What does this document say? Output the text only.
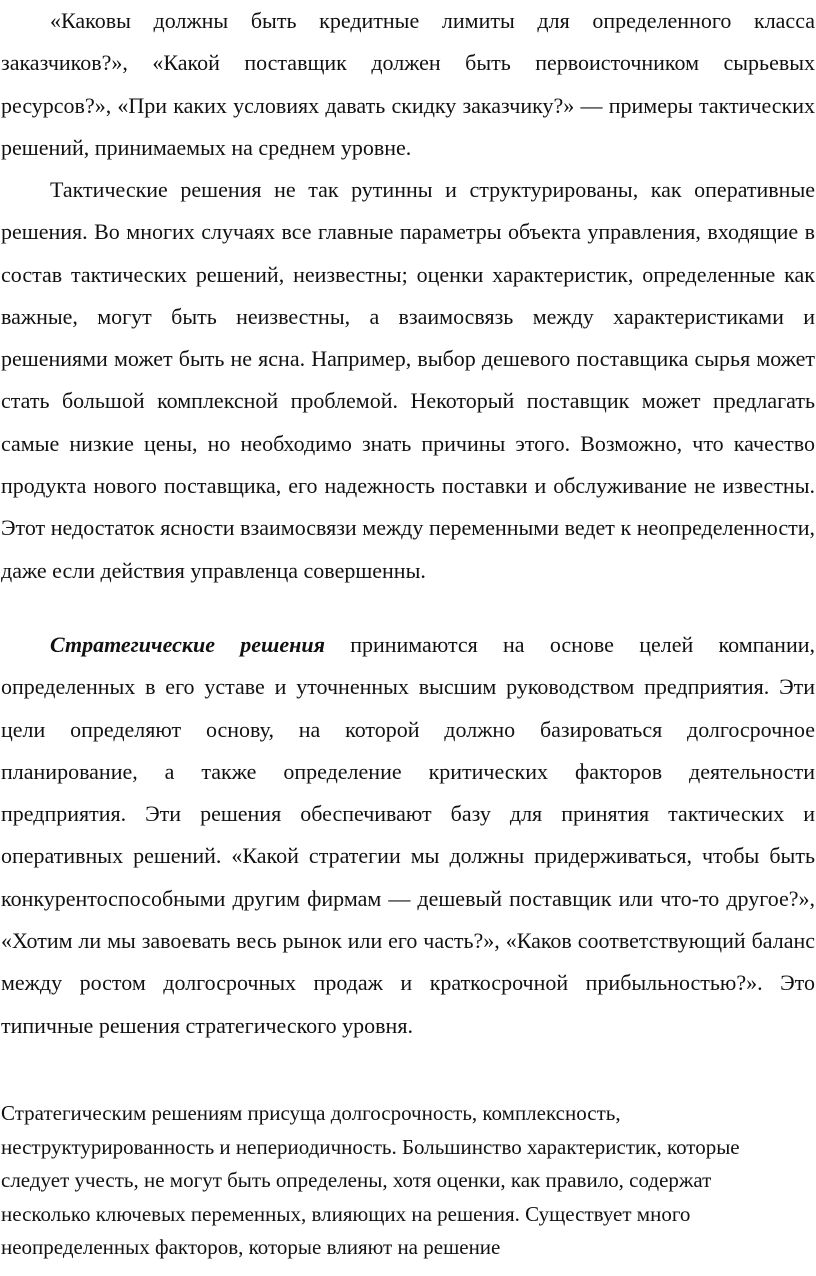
«Каковы должны быть кредитные лимиты для определенного класса заказчиков?», «Какой поставщик должен быть первоисточником сырьевых ресурсов?», «При каких условиях давать скидку заказчику?» — примеры тактических решений, принимаемых на среднем уровне.

Тактические решения не так рутинны и структурированы, как оперативные решения. Во многих случаях все главные параметры объекта управления, входящие в состав тактических решений, неизвестны; оценки характеристик, определенные как важные, могут быть неизвестны, а взаимосвязь между характеристиками и решениями может быть не ясна. Например, выбор дешевого поставщика сырья может стать большой комплексной проблемой. Некоторый поставщик может предлагать самые низкие цены, но необходимо знать причины этого. Возможно, что качество продукта нового поставщика, его надежность поставки и обслуживание не известны. Этот недостаток ясности взаимосвязи между переменными ведет к неопределенности, даже если действия управленца совершенны.

Стратегические решения принимаются на основе целей компании, определенных в его уставе и уточненных высшим руководством предприятия. Эти цели определяют основу, на которой должно базироваться долгосрочное планирование, а также определение критических факторов деятельности предприятия. Эти решения обеспечивают базу для принятия тактических и оперативных решений. «Какой стратегии мы должны придерживаться, чтобы быть конкурентоспособными другим фирмам — дешевый поставщик или что-то другое?», «Хотим ли мы завоевать весь рынок или его часть?», «Каков соответствующий баланс между ростом долгосрочных продаж и краткосрочной прибыльностью?». Это типичные решения стратегического уровня.

Стратегическим решениям присуща долгосрочность, комплексность, неструктурированность и непериодичность. Большинство характеристик, которые следует учесть, не могут быть определены, хотя оценки, как правило, содержат несколько ключевых переменных, влияющих на решения. Существует много неопределенных факторов, которые влияют на решение
